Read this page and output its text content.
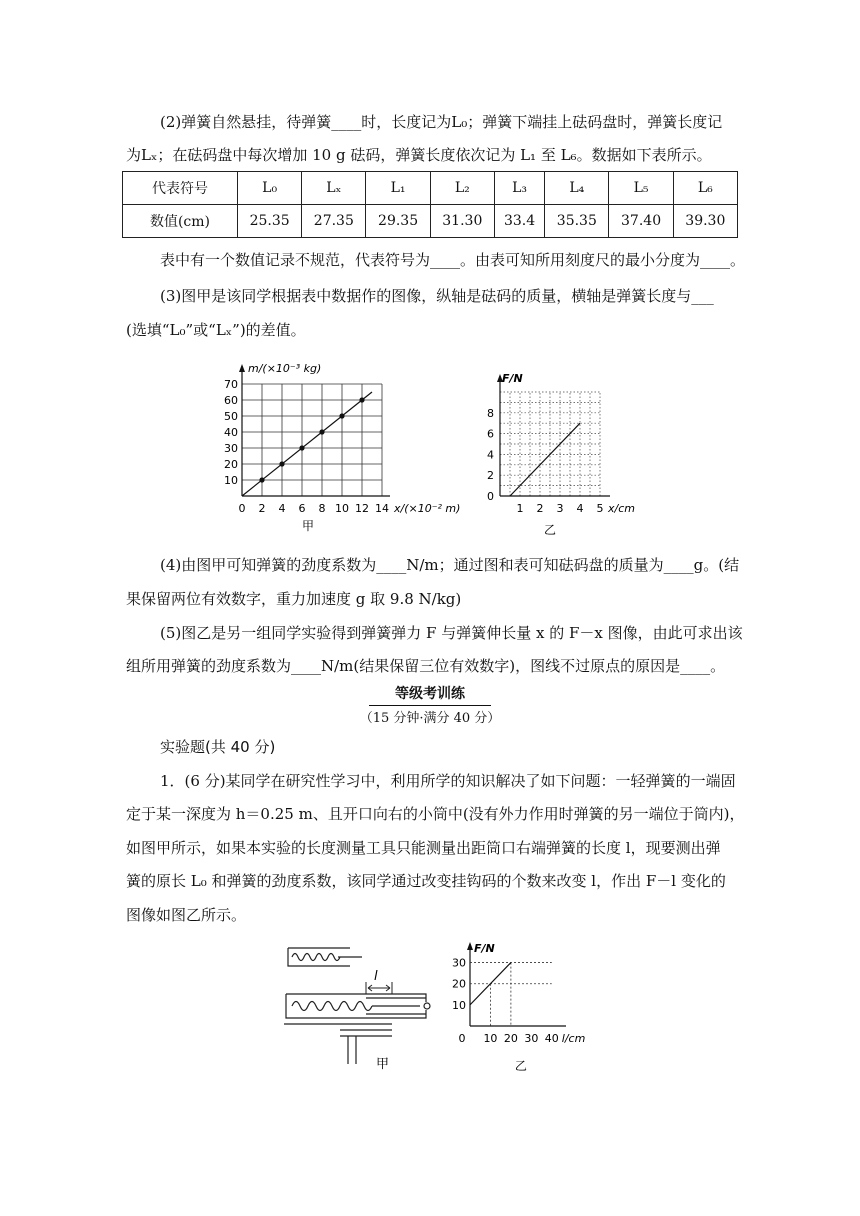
(2)弹簧自然悬挂，待弹簧____时，长度记为L₀；弹簧下端挂上砝码盘时，弹簧长度记
为Lₓ；在砝码盘中每次增加 10 g 砝码，弹簧长度依次记为 L₁ 至 L₆。数据如下表所示。
代表符号	L₀	Lₓ	L₁	L₂	L₃	L₄	L₅	L₆
数值(cm)	25.35	27.35	29.35	31.30	33.4	35.35	37.40	39.30
表中有一个数值记录不规范，代表符号为____。由表可知所用刻度尺的最小分度为____。
(3)图甲是该同学根据表中数据作的图像，纵轴是砝码的质量，横轴是弹簧长度与___
(选填“L₀”或“Lₓ”)的差值。
0 2 4 6 8 10 12 14
10
20
30
40
50
60
70
m/(×10⁻³ kg)
x/(×10⁻² m)
甲
0
1 2 3 4 5
2
4
6
8
F/N
x/cm
乙
(4)由图甲可知弹簧的劲度系数为____N/m；通过图和表可知砝码盘的质量为____g。(结
果保留两位有效数字，重力加速度 g 取 9.8 N/kg)
(5)图乙是另一组同学实验得到弹簧弹力 F 与弹簧伸长量 x 的 F－x 图像，由此可求出该
组所用弹簧的劲度系数为____N/m(结果保留三位有效数字)，图线不过原点的原因是____。
等级考训练
（15 分钟·满分 40 分）
实验题(共 40 分)
1．(6 分)某同学在研究性学习中，利用所学的知识解决了如下问题：一轻弹簧的一端固
定于某一深度为 h＝0.25 m、且开口向右的小筒中(没有外力作用时弹簧的另一端位于筒内)，
如图甲所示，如果本实验的长度测量工具只能测量出距筒口右端弹簧的长度 l，现要测出弹
簧的原长 L₀ 和弹簧的劲度系数，该同学通过改变挂钩码的个数来改变 l，作出 F－l 变化的
图像如图乙所示。
l
甲
10
20
30
0 10 20 30 40
F/N
l/cm
乙
